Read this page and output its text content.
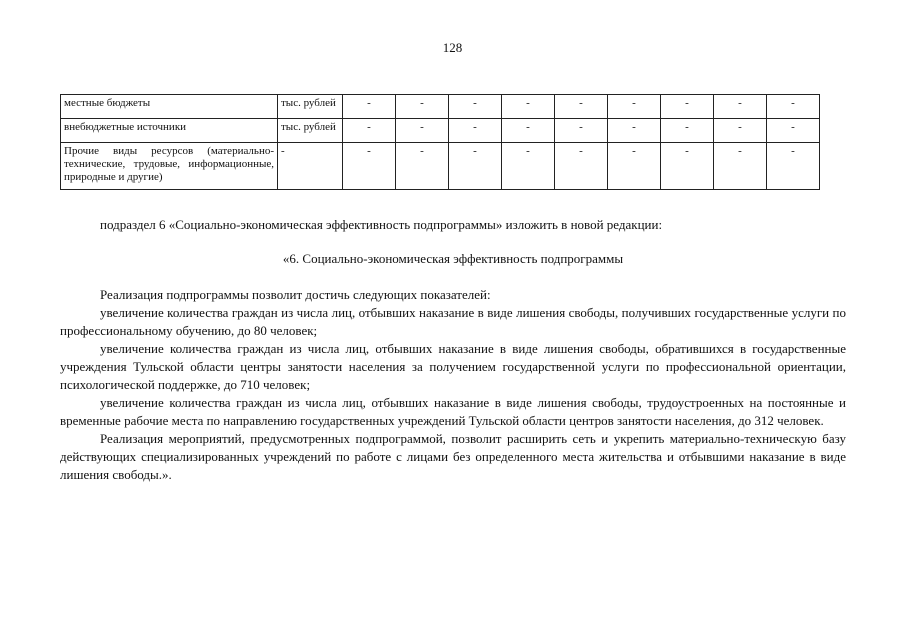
128
местные бюджеты	тыс. рублей	-	-	-	-	-	-	-	-	-
внебюджетные источники	тыс. рублей	-	-	-	-	-	-	-	-	-
Прочие виды ресурсов (материально-технические, трудовые, информационные, природные и другие)	-	-	-	-	-	-	-	-	-	-
подраздел 6 «Социально-экономическая эффективность подпрограммы» изложить в новой редакции:
«6. Социально-экономическая эффективность подпрограммы

Реализация подпрограммы позволит достичь следующих показателей:

увеличение количества граждан из числа лиц, отбывших наказание в виде лишения свободы, получивших государственные услуги по профессиональному обучению, до 80 человек;

увеличение количества граждан из числа лиц, отбывших наказание в виде лишения свободы, обратившихся в государственные учреждения Тульской области центры занятости населения за получением государственной услуги по профессиональной ориентации, психологической поддержке, до 710 человек;

увеличение количества граждан из числа лиц, отбывших наказание в виде лишения свободы, трудоустроенных на постоянные и временные рабочие места по направлению государственных учреждений Тульской области центров занятости населения, до 312 человек.

Реализация мероприятий, предусмотренных подпрограммой, позволит расширить сеть и укрепить материально-техническую базу действующих специализированных учреждений по работе с лицами без определенного места жительства и отбывшими наказание в виде лишения свободы.».
